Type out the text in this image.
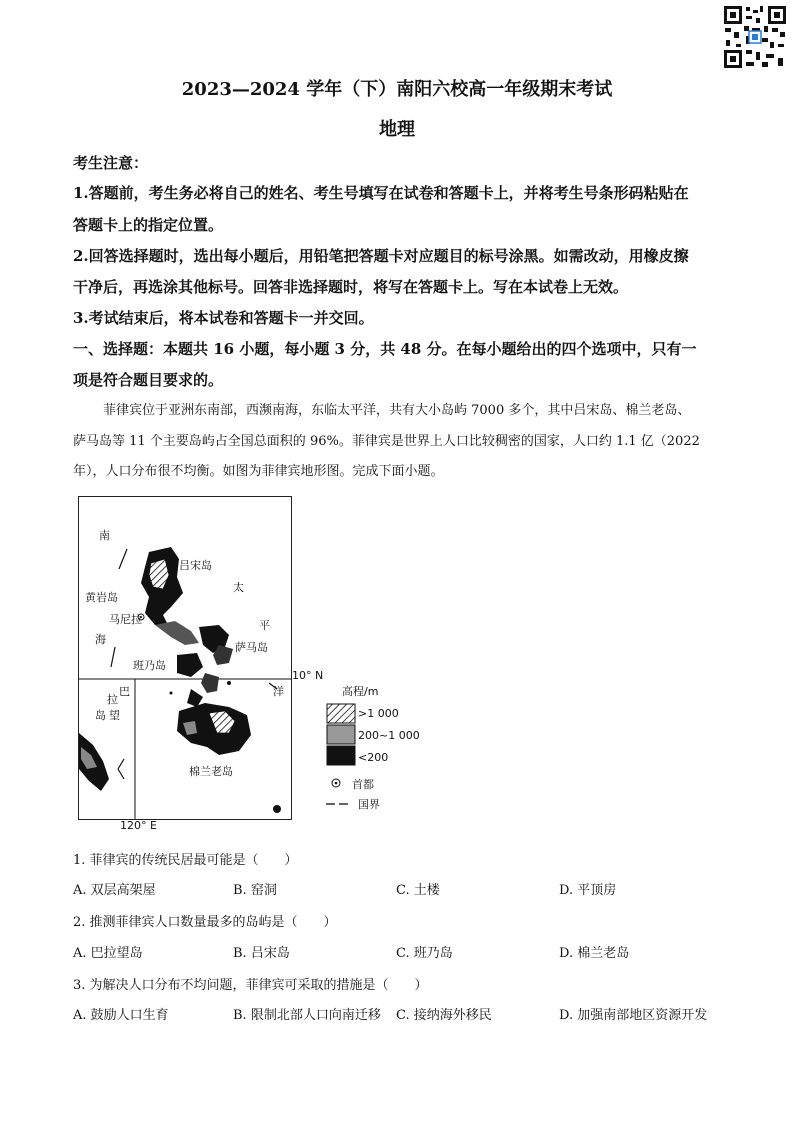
2023—2024 学年（下）南阳六校高一年级期末考试
地理
考生注意：
1.答题前，考生务必将自己的姓名、考生号填写在试卷和答题卡上，并将考生号条形码粘贴在
答题卡上的指定位置。
2.回答选择题时，选出每小题后，用铅笔把答题卡对应题目的标号涂黑。如需改动，用橡皮擦
干净后，再选涂其他标号。回答非选择题时，将写在答题卡上。写在本试卷上无效。
3.考试结束后，将本试卷和答题卡一并交回。
一、选择题：本题共 16 小题，每小题 3 分，共 48 分。在每小题给出的四个选项中，只有一
项是符合题目要求的。
菲律宾位于亚洲东南部，西濒南海，东临太平洋，共有大小岛屿 7000 多个，其中吕宋岛、棉兰老岛、
萨马岛等 11 个主要岛屿占全国总面积的 96%。菲律宾是世界上人口比较稠密的国家，人口约 1.1 亿（2022
年），人口分布很不均衡。如图为菲律宾地形图。完成下面小题。
南
黄岩岛
吕宋岛
太
马尼拉	平
海
萨马岛
班乃岛
洋
巴
拉
望
岛
棉兰老岛
10° N
120° E
高程/m
>1 000
200~1 000
<200
首都
国界
1. 菲律宾的传统民居最可能是（　　）
A. 双层高架屋	B. 窑洞	C. 土楼	D. 平顶房
2. 推测菲律宾人口数量最多的岛屿是（　　）
A. 巴拉望岛	B. 吕宋岛	C. 班乃岛	D. 棉兰老岛
3. 为解决人口分布不均问题，菲律宾可采取的措施是（　　）
A. 鼓励人口生育	B. 限制北部人口向南迁移 C. 接纳海外移民	D. 加强南部地区资源开发
